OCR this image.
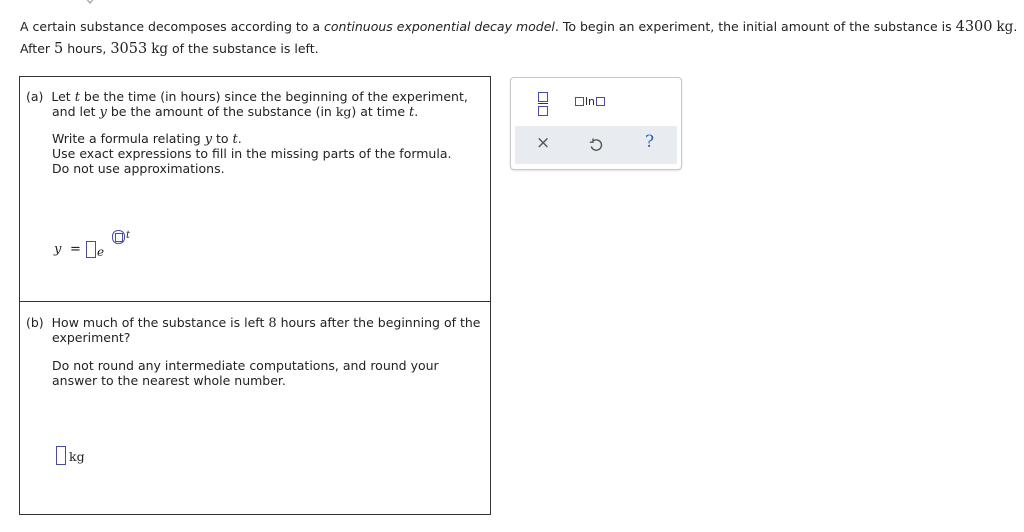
A certain substance decomposes according to a continuous exponential decay model. To begin an experiment, the initial amount of the substance is 4300 kg.
After 5 hours, 3053 kg of the substance is left.
(a) Let t be the time (in hours) since the beginning of the experiment,
and let y be the amount of the substance (in kg) at time t.
Write a formula relating y to t.
Use exact expressions to fill in the missing parts of the formula.
Do not use approximations.
y = e
t
(b) How much of the substance is left 8 hours after the beginning of the
experiment?
Do not round any intermediate computations, and round your
answer to the nearest whole number.
kg
ln
×	?
